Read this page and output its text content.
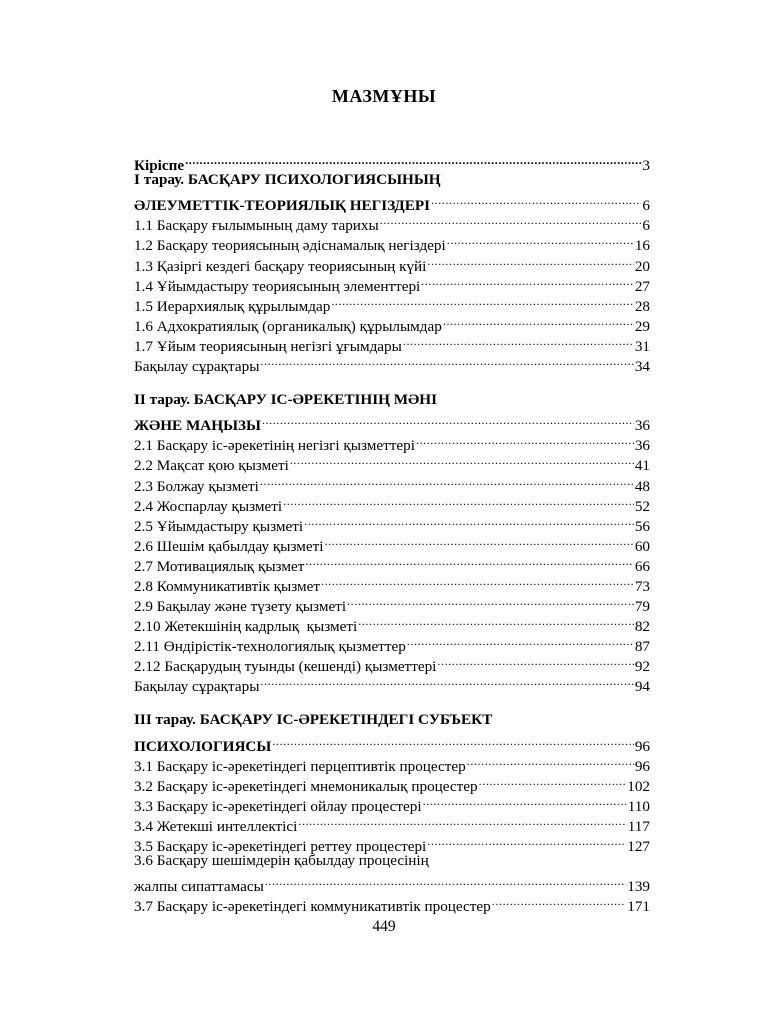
МАЗМҰНЫ
Кіріспе .....	3
І тарау. БАСҚАРУ ПСИХОЛОГИЯСЫНЫҢ
ӘЛЕУМЕТТІК-ТЕОРИЯЛЫҚ НЕГІЗДЕРІ .....	6
1.1 Басқару ғылымының даму тарихы .....	6
1.2 Басқару теориясының әдіснамалық негіздері .....	16
1.3 Қазіргі кездегі басқару теориясының күйі .....	20
1.4 Ұйымдастыру теориясының элементтері .....	27
1.5 Иерархиялық құрылымдар .....	28
1.6 Адхократиялық (органикалық) құрылымдар .....	29
1.7 Ұйым теориясының негізгі ұғымдары .....	31
Бақылау сұрақтары .....	34
ІІ тарау. БАСҚАРУ ІС-ӘРЕКЕТІНІҢ МӘНІ
ЖӘНЕ МАҢЫЗЫ .....	36
2.1 Басқару іс-әрекетінің негізгі қызметтері .....	36
2.2 Мақсат қою қызметі .....	41
2.3 Болжау қызметі .....	48
2.4 Жоспарлау қызметі .....	52
2.5 Ұйымдастыру қызметі .....	56
2.6 Шешім қабылдау қызметі .....	60
2.7 Мотивациялық қызмет .....	66
2.8 Коммуникативтік қызмет .....	73
2.9 Бақылау және түзету қызметі .....	79
2.10 Жетекшінің кадрлық  қызметі .....	82
2.11 Өндірістік-технологиялық қызметтер .....	87
2.12 Басқарудың туынды (кешенді) қызметтері .....	92
Бақылау сұрақтары .....	94
ІІІ тарау. БАСҚАРУ ІС-ӘРЕКЕТІНДЕГІ СУБЪЕКТ
ПСИХОЛОГИЯСЫ .....	96
3.1 Басқару іс-әрекетіндегі перцептивтік процестер .....	96
3.2 Басқару іс-әрекетіндегі мнемоникалық процестер .....	102
3.3 Басқару іс-әрекетіндегі ойлау процестері .....	110
3.4 Жетекші интеллектісі .....	117
3.5 Басқару іс-әрекетіндегі реттеу процестері .....	127
3.6 Басқару шешімдерін қабылдау процесінің
жалпы сипаттамасы .....	139
3.7 Басқару іс-әрекетіндегі коммуникативтік процестер .....	171
449
